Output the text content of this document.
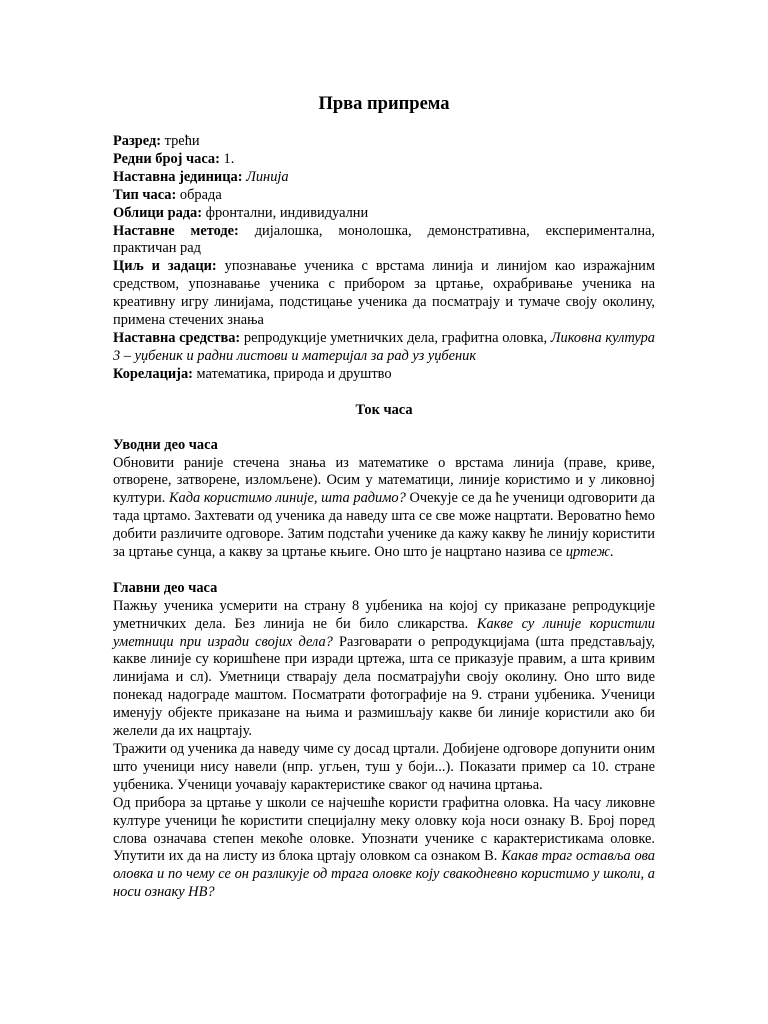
Прва припрема

Разред: трећи

Редни број часа: 1.

Наставна јединица: Линија

Тип часа: обрада

Облици рада: фронтални, индивидуални

Наставне методе: дијалошка, монолошка, демонстративна, експериментална, практичан рад

Циљ и задаци: упознавање ученика с врстама линија и линијом као изражајним средством, упознавање ученика с прибором за цртање, охрабривање ученика на креативну игру линијама, подстицање ученика да посматрају и тумаче своју околину, примена стечених знања

Наставна средства: репродукције уметничких дела, графитна оловка, Ликовна култура 3 – уџбеник и радни листови и материјал за рад уз уџбеник

Корелација: математика, природа и друштво

Ток часа

Уводни део часа

Обновити раније стечена знања из математике о врстама линија (праве, криве, отворене, затворене, изломљене). Осим у математици, линије користимо и у ликовној култури. Када користимо линије, шта радимо? Очекује се да ће ученици одговорити да тада цртамо. Захтевати од ученика да наведу шта се све може нацртати. Вероватно ћемо добити различите одговоре. Затим подстаћи ученике да кажу какву ће линију користити за цртање сунца, а какву за цртање књиге. Оно што је нацртано назива се цртеж.

Главни део часа

Пажњу ученика усмерити на страну 8 уџбеника на којој су приказане репродукције уметничких дела. Без линија не би било сликарства. Какве су линије користили уметници при изради својих дела? Разговарати о репродукцијама (шта представљају, какве линије су коришћене при изради цртежа, шта се приказује правим, а шта кривим линијама и сл). Уметници стварају дела посматрајући своју околину. Оно што виде понекад надограде маштом. Посматрати фотографије на 9. страни уџбеника. Ученици именују објекте приказане на њима и размишљају какве би линије користили ако би желели да их нацртају.

Тражити од ученика да наведу чиме су досад цртали. Добијене одговоре допунити оним што ученици нису навели (нпр. угљен, туш у боји...). Показати пример са 10. стране уџбеника. Ученици уочавају карактеристике сваког од начина цртања.

Од прибора за цртање у школи се најчешће користи графитна оловка. На часу ликовне културе ученици ће користити специјалну меку оловку која носи ознаку B. Број поред слова означава степен мекоће оловке. Упознати ученике с карактеристикама оловке. Упутити их да на листу из блока цртају оловком са ознаком B. Какав траг оставља ова оловка и по чему се он разликује од трага оловке коју свакодневно користимо у школи, а носи ознаку HB?
